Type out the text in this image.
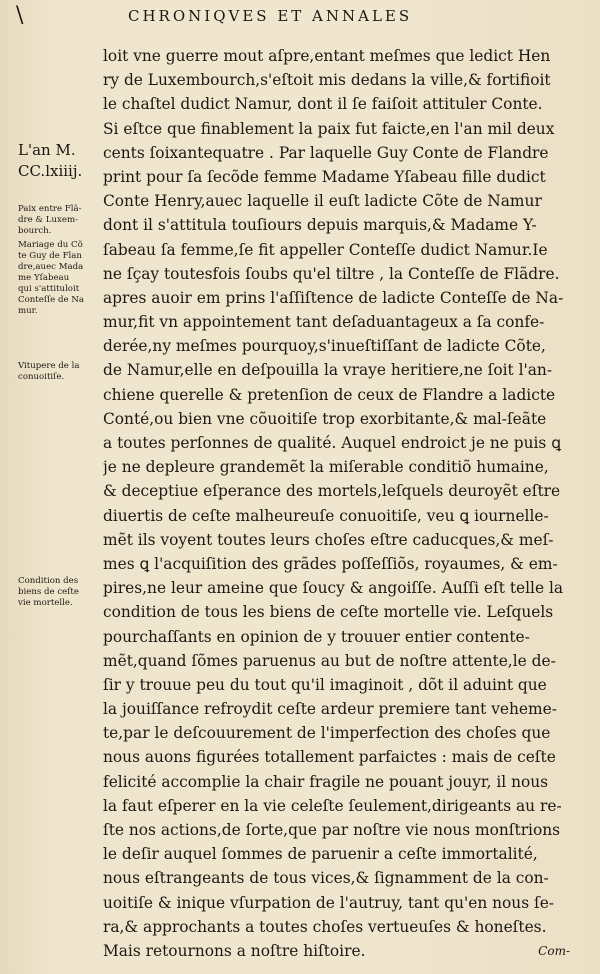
\	CHRONIQVES ET ANNALES
loit vne guerre mout aſpre,entant meſmes que ledict Hen
ry de Luxembourch,s'eſtoit mis dedans la ville,& fortifioit
le chaſtel dudict Namur, dont il ſe faiſoit attituler Conte.
Si eſtce que finablement la paix fut faicte,en l'an mil deux
cents ſoixantequatre . Par laquelle Guy Conte de Flandre
print pour ſa ſecõde femme Madame Yſabeau fille dudict
Conte Henry,auec laquelle il euſt ladicte Cõte de Namur
dont il s'attitula touſiours depuis marquis,& Madame Y-
ſabeau ſa femme,ſe fit appeller Conteſſe dudict Namur.Ie
ne ſçay toutesfois ſoubs qu'el tiltre , la Conteſſe de Flãdre.
apres auoir em prins l'aſſiſtence de ladicte Conteſſe de Na-
mur,fit vn appointement tant deſaduantageux a ſa confe-
derée,ny meſmes pourquoy,s'inueſtiſſant de ladicte Cõte,
de Namur,elle en deſpouilla la vraye heritiere,ne ſoit l'an-
chiene querelle & pretenſion de ceux de Flandre a ladicte
Conté,ou bien vne cõuoitiſe trop exorbitante,& mal-ſeãte
a toutes perſonnes de qualité. Auquel endroict je ne puis ꝗ
je ne depleure grandemẽt la miſerable conditiõ humaine,
& deceptiue eſperance des mortels,leſquels deuroyẽt eſtre
diuertis de ceſte malheureuſe conuoitiſe, veu ꝗ iournelle-
mẽt ils voyent toutes leurs choſes eſtre caducques,& meſ-
mes ꝗ l'acquiſition des grãdes poſſeſſiõs, royaumes, & em-
pires,ne leur ameine que ſoucy & angoiſſe. Auſſi eſt telle la
condition de tous les biens de ceſte mortelle vie. Leſquels
pourchaſſants en opinion de y trouuer entier contente-
mẽt,quand ſõmes paruenus au but de noſtre attente,le de-
ſir y trouue peu du tout qu'il imaginoit , dõt il aduint que
la jouiſſance refroydit ceſte ardeur premiere tant veheme-
te,par le deſcouurement de l'imperfection des choſes que
nous auons figurées totallement parfaictes : mais de ceſte
felicité accomplie la chair fragile ne pouant jouyr, il nous
la faut eſperer en la vie celeſte ſeulement,dirigeants au re-
ſte nos actions,de ſorte,que par noſtre vie nous monſtrions
le deſir auquel ſommes de paruenir a ceſte immortalité,
nous eſtrangeants de tous vices,& ſignamment de la con-
uoitiſe & inique vſurpation de l'autruy, tant qu'en nous ſe-
ra,& approchants a toutes choſes vertueuſes & honeſtes.
Mais retournons a noſtre hiſtoire.
L'an M.
CC.lxiiij.
Paix entre Flã-
dre & Luxem-
bourch.
Mariage du Cõ
te Guy de Flan
dre,auec Mada
me Yſabeau
qui s'attituloit
Conteſſe de Na
mur.
Vitupere de la
conuoitiſe.
Condition des
biens de ceſte
vie mortelle.
Com-
